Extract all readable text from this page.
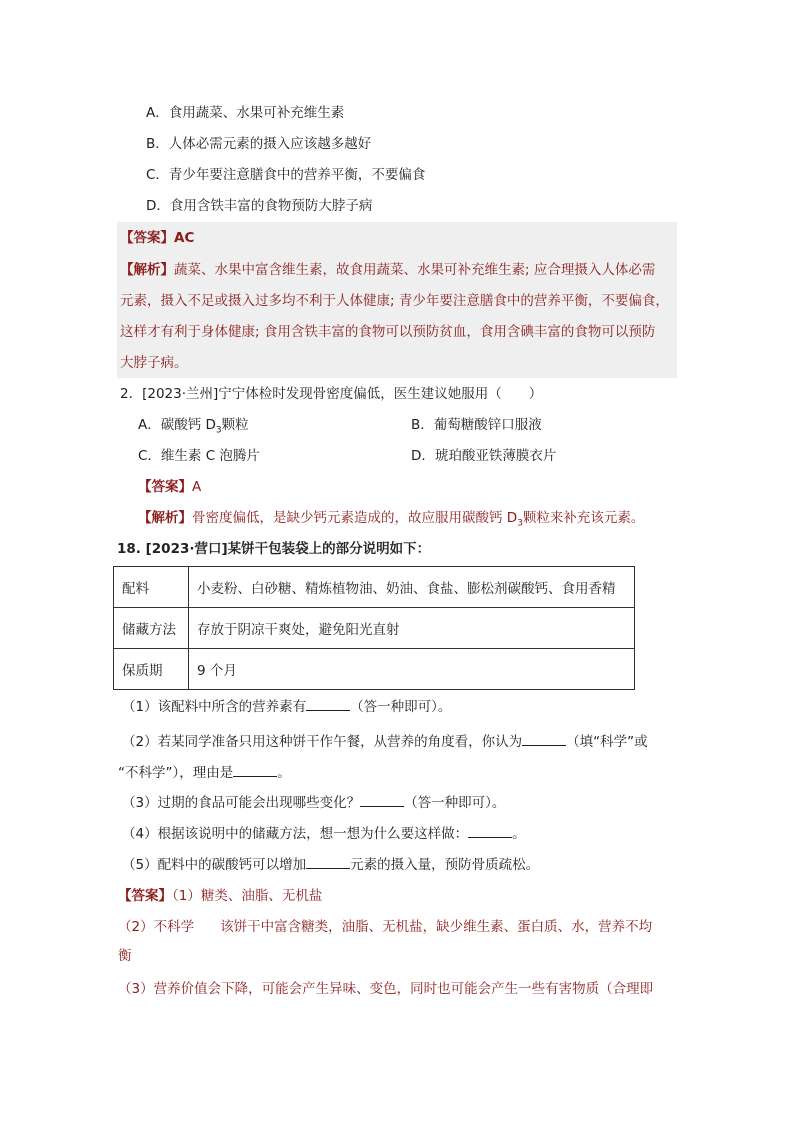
A．食用蔬菜、水果可补充维生素
B．人体必需元素的摄入应该越多越好
C．青少年要注意膳食中的营养平衡，不要偏食
D．食用含铁丰富的食物预防大脖子病
【答案】AC
【解析】蔬菜、水果中富含维生素，故食用蔬菜、水果可补充维生素; 应合理摄入人体必需
元素，摄入不足或摄入过多均不利于人体健康; 青少年要注意膳食中的营养平衡，不要偏食，
这样才有利于身体健康; 食用含铁丰富的食物可以预防贫血，食用含碘丰富的食物可以预防
大脖子病。
2．[2023·兰州]宁宁体检时发现骨密度偏低，医生建议她服用（　　）
A．碳酸钙 $D_3$颗粒	B．葡萄糖酸锌口服液
C．维生素 C 泡腾片	D．琥珀酸亚铁薄膜衣片
【答案】A
【解析】骨密度偏低，是缺少钙元素造成的，故应服用碳酸钙 $D_3$颗粒来补充该元素。
18. [2023·营口]某饼干包装袋上的部分说明如下：
配料	小麦粉、白砂糖、精炼植物油、奶油、食盐、膨松剂碳酸钙、食用香精
储藏方法	存放于阴凉干爽处，避免阳光直射
保质期	9 个月
（1）该配料中所含的营养素有	（答一种即可）。
（2）若某同学准备只用这种饼干作午餐，从营养的角度看，你认为	（填“科学”或
“不科学”），理由是	。
（3）过期的食品可能会出现哪些变化？	（答一种即可）。
（4）根据该说明中的储藏方法，想一想为什么要这样做：	。
（5）配料中的碳酸钙可以增加	元素的摄入量，预防骨质疏松。
【答案】（1）糖类、油脂、无机盐
（2）不科学 该饼干中富含糖类，油脂、无机盐，缺少维生素、蛋白质、水，营养不均
衡
（3）营养价值会下降，可能会产生异味、变色，同时也可能会产生一些有害物质（合理即
